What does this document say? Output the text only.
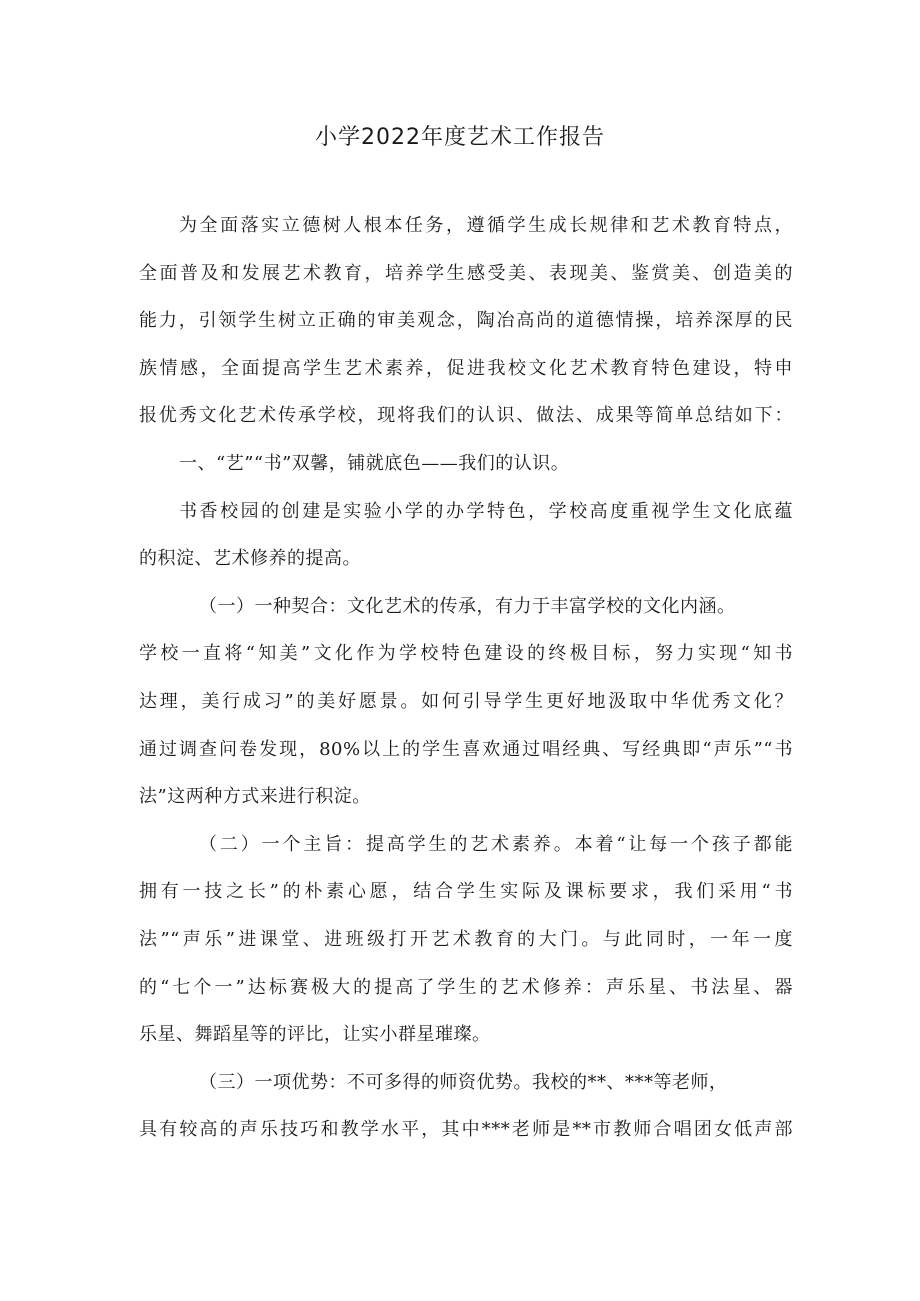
小学2022年度艺术工作报告
为全面落实立德树人根本任务，遵循学生成长规律和艺术教育特点，
全面普及和发展艺术教育，培养学生感受美、表现美、鉴赏美、创造美的
能力，引领学生树立正确的审美观念，陶冶高尚的道德情操，培养深厚的民
族情感，全面提高学生艺术素养，促进我校文化艺术教育特色建设，特申
报优秀文化艺术传承学校，现将我们的认识、做法、成果等简单总结如下：
一、“艺”“书”双馨，铺就底色——我们的认识。
书香校园的创建是实验小学的办学特色，学校高度重视学生文化底蕴
的积淀、艺术修养的提高。
（一）一种契合：文化艺术的传承，有力于丰富学校的文化内涵。
学校一直将“知美”文化作为学校特色建设的终极目标，努力实现“知书
达理，美行成习”的美好愿景。如何引导学生更好地汲取中华优秀文化？
通过调查问卷发现，80%以上的学生喜欢通过唱经典、写经典即“声乐”“书
法”这两种方式来进行积淀。
（二）一个主旨：提高学生的艺术素养。本着“让每一个孩子都能
拥有一技之长”的朴素心愿，结合学生实际及课标要求，我们采用“书
法”“声乐”进课堂、进班级打开艺术教育的大门。与此同时，一年一度
的“七个一”达标赛极大的提高了学生的艺术修养：声乐星、书法星、器
乐星、舞蹈星等的评比，让实小群星璀璨。
（三）一项优势：不可多得的师资优势。我校的**、***等老师，
具有较高的声乐技巧和教学水平，其中***老师是**市教师合唱团女低声部
